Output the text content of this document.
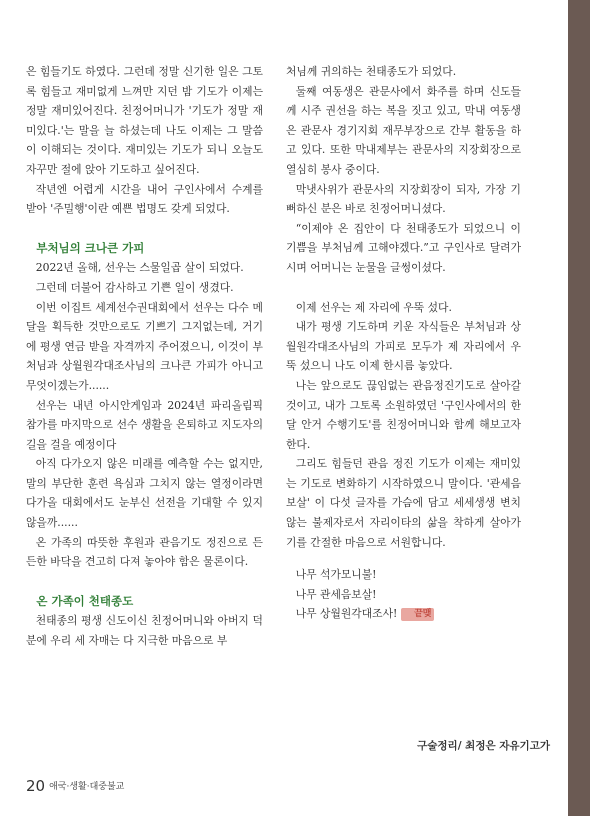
은 힘들기도 하였다. 그런데 정말 신기한 일은 그토록 힘들고 재미없게 느껴만 지던 밤 기도가 이제는 정말 재미있어진다. 친정어머니가 '기도가 정말 재미있다.'는 말을 늘 하셨는데 나도 이제는 그 말씀이 이해되는 것이다. 재미있는 기도가 되니 오늘도 자꾸만 절에 앉아 기도하고 싶어진다.

작년엔 어렵게 시간을 내어 구인사에서 수계를 받아 '주밀행'이란 예쁜 법명도 갖게 되었다.

부처님의 크나큰 가피

2022년 올해, 선우는 스물일곱 살이 되었다.

그런데 더불어 감사하고 기쁜 일이 생겼다.

이번 이집트 세계선수권대회에서 선우는 다수 메달을 획득한 것만으로도 기쁘기 그지없는데, 거기에 평생 연금 받을 자격까지 주어졌으니, 이것이 부처님과 상월원각대조사님의 크나큰 가피가 아니고 무엇이겠는가......

선우는 내년 아시안게임과 2024년 파리올림픽 참가를 마지막으로 선수 생활을 은퇴하고 지도자의 길을 걸을 예정이다

아직 다가오지 않은 미래를 예측할 수는 없지만, 말의 부단한 훈련 욕심과 그치지 않는 열정이라면 다가올 대회에서도 눈부신 선전을 기대할 수 있지 않을까......

온 가족의 따뜻한 후원과 관음기도 정진으로 든든한 바닥을 견고히 다져 놓아야 함은 물론이다.

온 가족이 천태종도

천태종의 평생 신도이신 친정어머니와 아버지 덕분에 우리 세 자매는 다 지극한 마음으로 부

처님께 귀의하는 천태종도가 되었다.

둘째 여동생은 관문사에서 화주를 하며 신도들께 시주 권선을 하는 복을 짓고 있고, 막내 여동생은 관문사 경기지회 재무부장으로 간부 활동을 하고 있다. 또한 막내제부는 관문사의 지장회장으로 열심히 봉사 중이다.

막냇사위가 관문사의 지장회장이 되자, 가장 기뻐하신 분은 바로 친정어머니셨다.

“이제야 온 집안이 다 천태종도가 되었으니 이 기쁨을 부처님께 고해야겠다.”고 구인사로 달려가시며 어머니는 눈물을 글썽이셨다.

이제 선우는 제 자리에 우뚝 섰다.

내가 평생 기도하며 키운 자식들은 부처님과 상월원각대조사님의 가피로 모두가 제 자리에서 우뚝 섰으니 나도 이제 한시름 놓았다.

나는 앞으로도 끊임없는 관음정진기도로 살아갈 것이고, 내가 그토록 소원하였던 '구인사에서의 한 달 안거 수행기도'를 친정어머니와 함께 해보고자 한다.

그리도 힘들던 관음 정진 기도가 이제는 재미있는 기도로 변화하기 시작하였으니 말이다. '관세음보살' 이 다섯 글자를 가슴에 담고 세세생생 변치 않는 불제자로서 자리이타의 삶을 착하게 살아가기를 간절한 마음으로 서원합니다.

나무 석가모니불!

나무 관세음보살!

나무 상월원각대조사! 끝맺

구술정리/ 최정은 자유기고가
20 애국·생활·대중불교
